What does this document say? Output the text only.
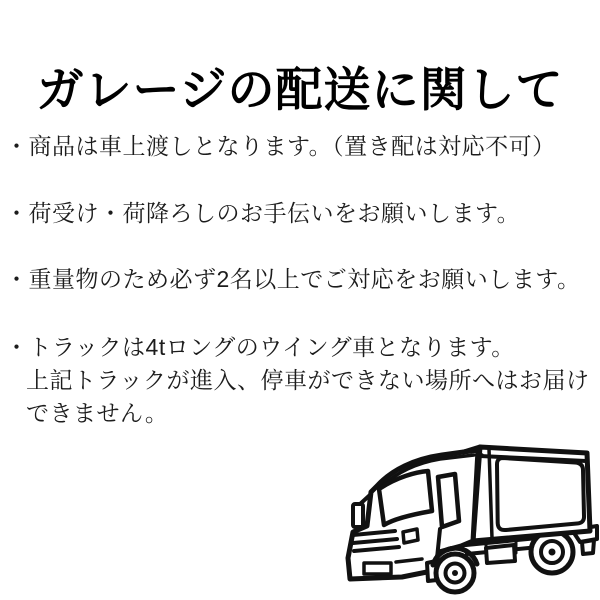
ガレージの配送に関して
・商品は車上渡しとなります。（置き配は対応不可）
・荷受け・荷降ろしのお手伝いをお願いします。
・重量物のため必ず2名以上でご対応をお願いします。
・トラックは4tロングのウイング車となります。
上記トラックが進入、停車ができない場所へはお届け
できません。
